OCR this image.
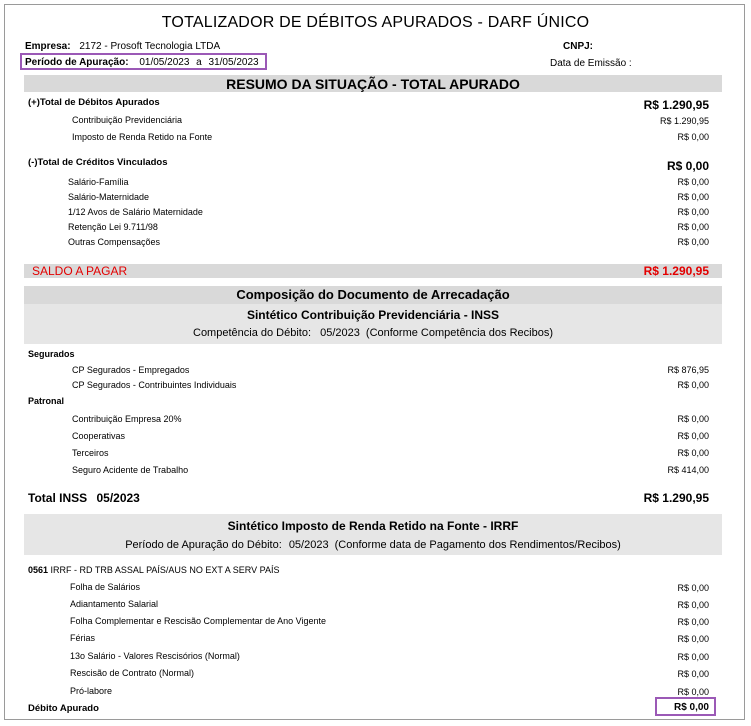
TOTALIZADOR DE DÉBITOS APURADOS - DARF ÚNICO
Empresa: 2172 - Prosoft Tecnologia LTDA	CNPJ:
Período de Apuração: 01/05/2023 a 31/05/2023	Data de Emissão :
RESUMO DA SITUAÇÃO - TOTAL APURADO
(+)Total de Débitos Apurados	R$ 1.290,95
Contribuição Previdenciária	R$ 1.290,95
Imposto de Renda Retido na Fonte	R$ 0,00
(-)Total de Créditos Vinculados	R$ 0,00
Salário-Família	R$ 0,00
Salário-Maternidade	R$ 0,00
1/12 Avos de Salário Maternidade	R$ 0,00
Retenção Lei 9.711/98	R$ 0,00
Outras Compensações	R$ 0,00
SALDO A PAGAR	R$ 1.290,95
Composição do Documento de Arrecadação
Sintético Contribuição Previdenciária - INSS
Competência do Débito: 05/2023 (Conforme Competência dos Recibos)
Segurados
CP Segurados - Empregados	R$ 876,95
CP Segurados - Contribuintes Individuais	R$ 0,00
Patronal
Contribuição Empresa 20%	R$ 0,00
Cooperativas	R$ 0,00
Terceiros	R$ 0,00
Seguro Acidente de Trabalho	R$ 414,00
Total INSS 05/2023	R$ 1.290,95
Sintético Imposto de Renda Retido na Fonte - IRRF
Período de Apuração do Débito: 05/2023 (Conforme data de Pagamento dos Rendimentos/Recibos)
0561 IRRF - RD TRB ASSAL PAÍS/AUS NO EXT A SERV PAÍS
Folha de Salários	R$ 0,00
Adiantamento Salarial	R$ 0,00
Folha Complementar e Rescisão Complementar de Ano Vigente	R$ 0,00
Férias	R$ 0,00
13o Salário - Valores Rescisórios (Normal)	R$ 0,00
Rescisão de Contrato (Normal)	R$ 0,00
Pró-labore	R$ 0,00
Débito Apurado	R$ 0,00
